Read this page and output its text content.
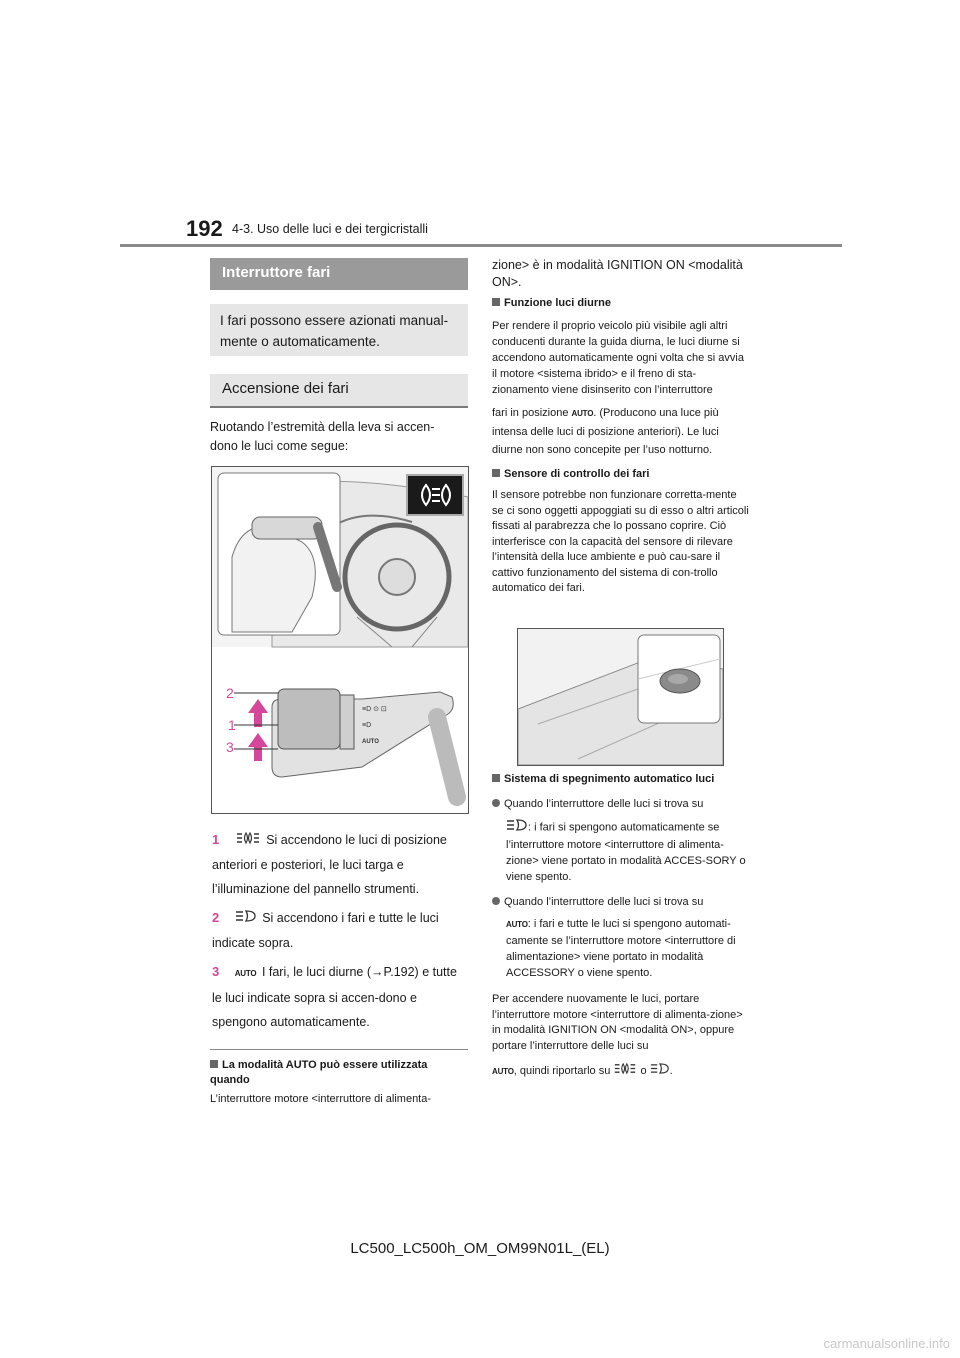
192 4-3. Uso delle luci e dei tergicristalli
Interruttore fari
I fari possono essere azionati manual-mente o automaticamente.
Accensione dei fari
Ruotando l’estremità della leva si accen-dono le luci come segue:
≡D ⊙ ⊡
≡D
AUTO
2
1
3
1	Si accendono le luci di posizione anteriori e posteriori, le luci targa e l’illuminazione del pannello strumenti.
2	Si accendono i fari e tutte le luci indicate sopra.
3 AUTO I fari, le luci diurne (→P.192) e tutte le luci indicate sopra si accen-dono e spengono automaticamente.
La modalità AUTO può essere utilizzata quando
L’interruttore motore <interruttore di alimenta-
zione> è in modalità IGNITION ON <modalità ON>.
Funzione luci diurne
Per rendere il proprio veicolo più visibile agli altri conducenti durante la guida diurna, le luci diurne si accendono automaticamente ogni volta che si avvia il motore <sistema ibrido> e il freno di sta-zionamento viene disinserito con l’interruttore
fari in posizione AUTO. (Producono una luce più intensa delle luci di posizione anteriori). Le luci diurne non sono concepite per l’uso notturno.
Sensore di controllo dei fari
Il sensore potrebbe non funzionare corretta-mente se ci sono oggetti appoggiati su di esso o altri articoli fissati al parabrezza che lo possano coprire. Ciò interferisce con la capacità del sensore di rilevare l’intensità della luce ambiente e può cau-sare il cattivo funzionamento del sistema di con-trollo automatico dei fari.
Sistema di spegnimento automatico luci
Quando l’interruttore delle luci si trova su
: i fari si spengono automaticamente se l’interruttore motore <interruttore di alimenta-zione> viene portato in modalità ACCES-SORY o viene spento.
Quando l’interruttore delle luci si trova su
AUTO: i fari e tutte le luci si spengono automati-camente se l’interruttore motore <interruttore di alimentazione> viene portato in modalità ACCESSORY o viene spento.
Per accendere nuovamente le luci, portare l’interruttore motore <interruttore di alimenta-zione> in modalità IGNITION ON <modalità ON>, oppure portare l’interruttore delle luci su
AUTO, quindi riportarlo su	o .
LC500_LC500h_OM_OM99N01L_(EL)
carmanualsonline.info
